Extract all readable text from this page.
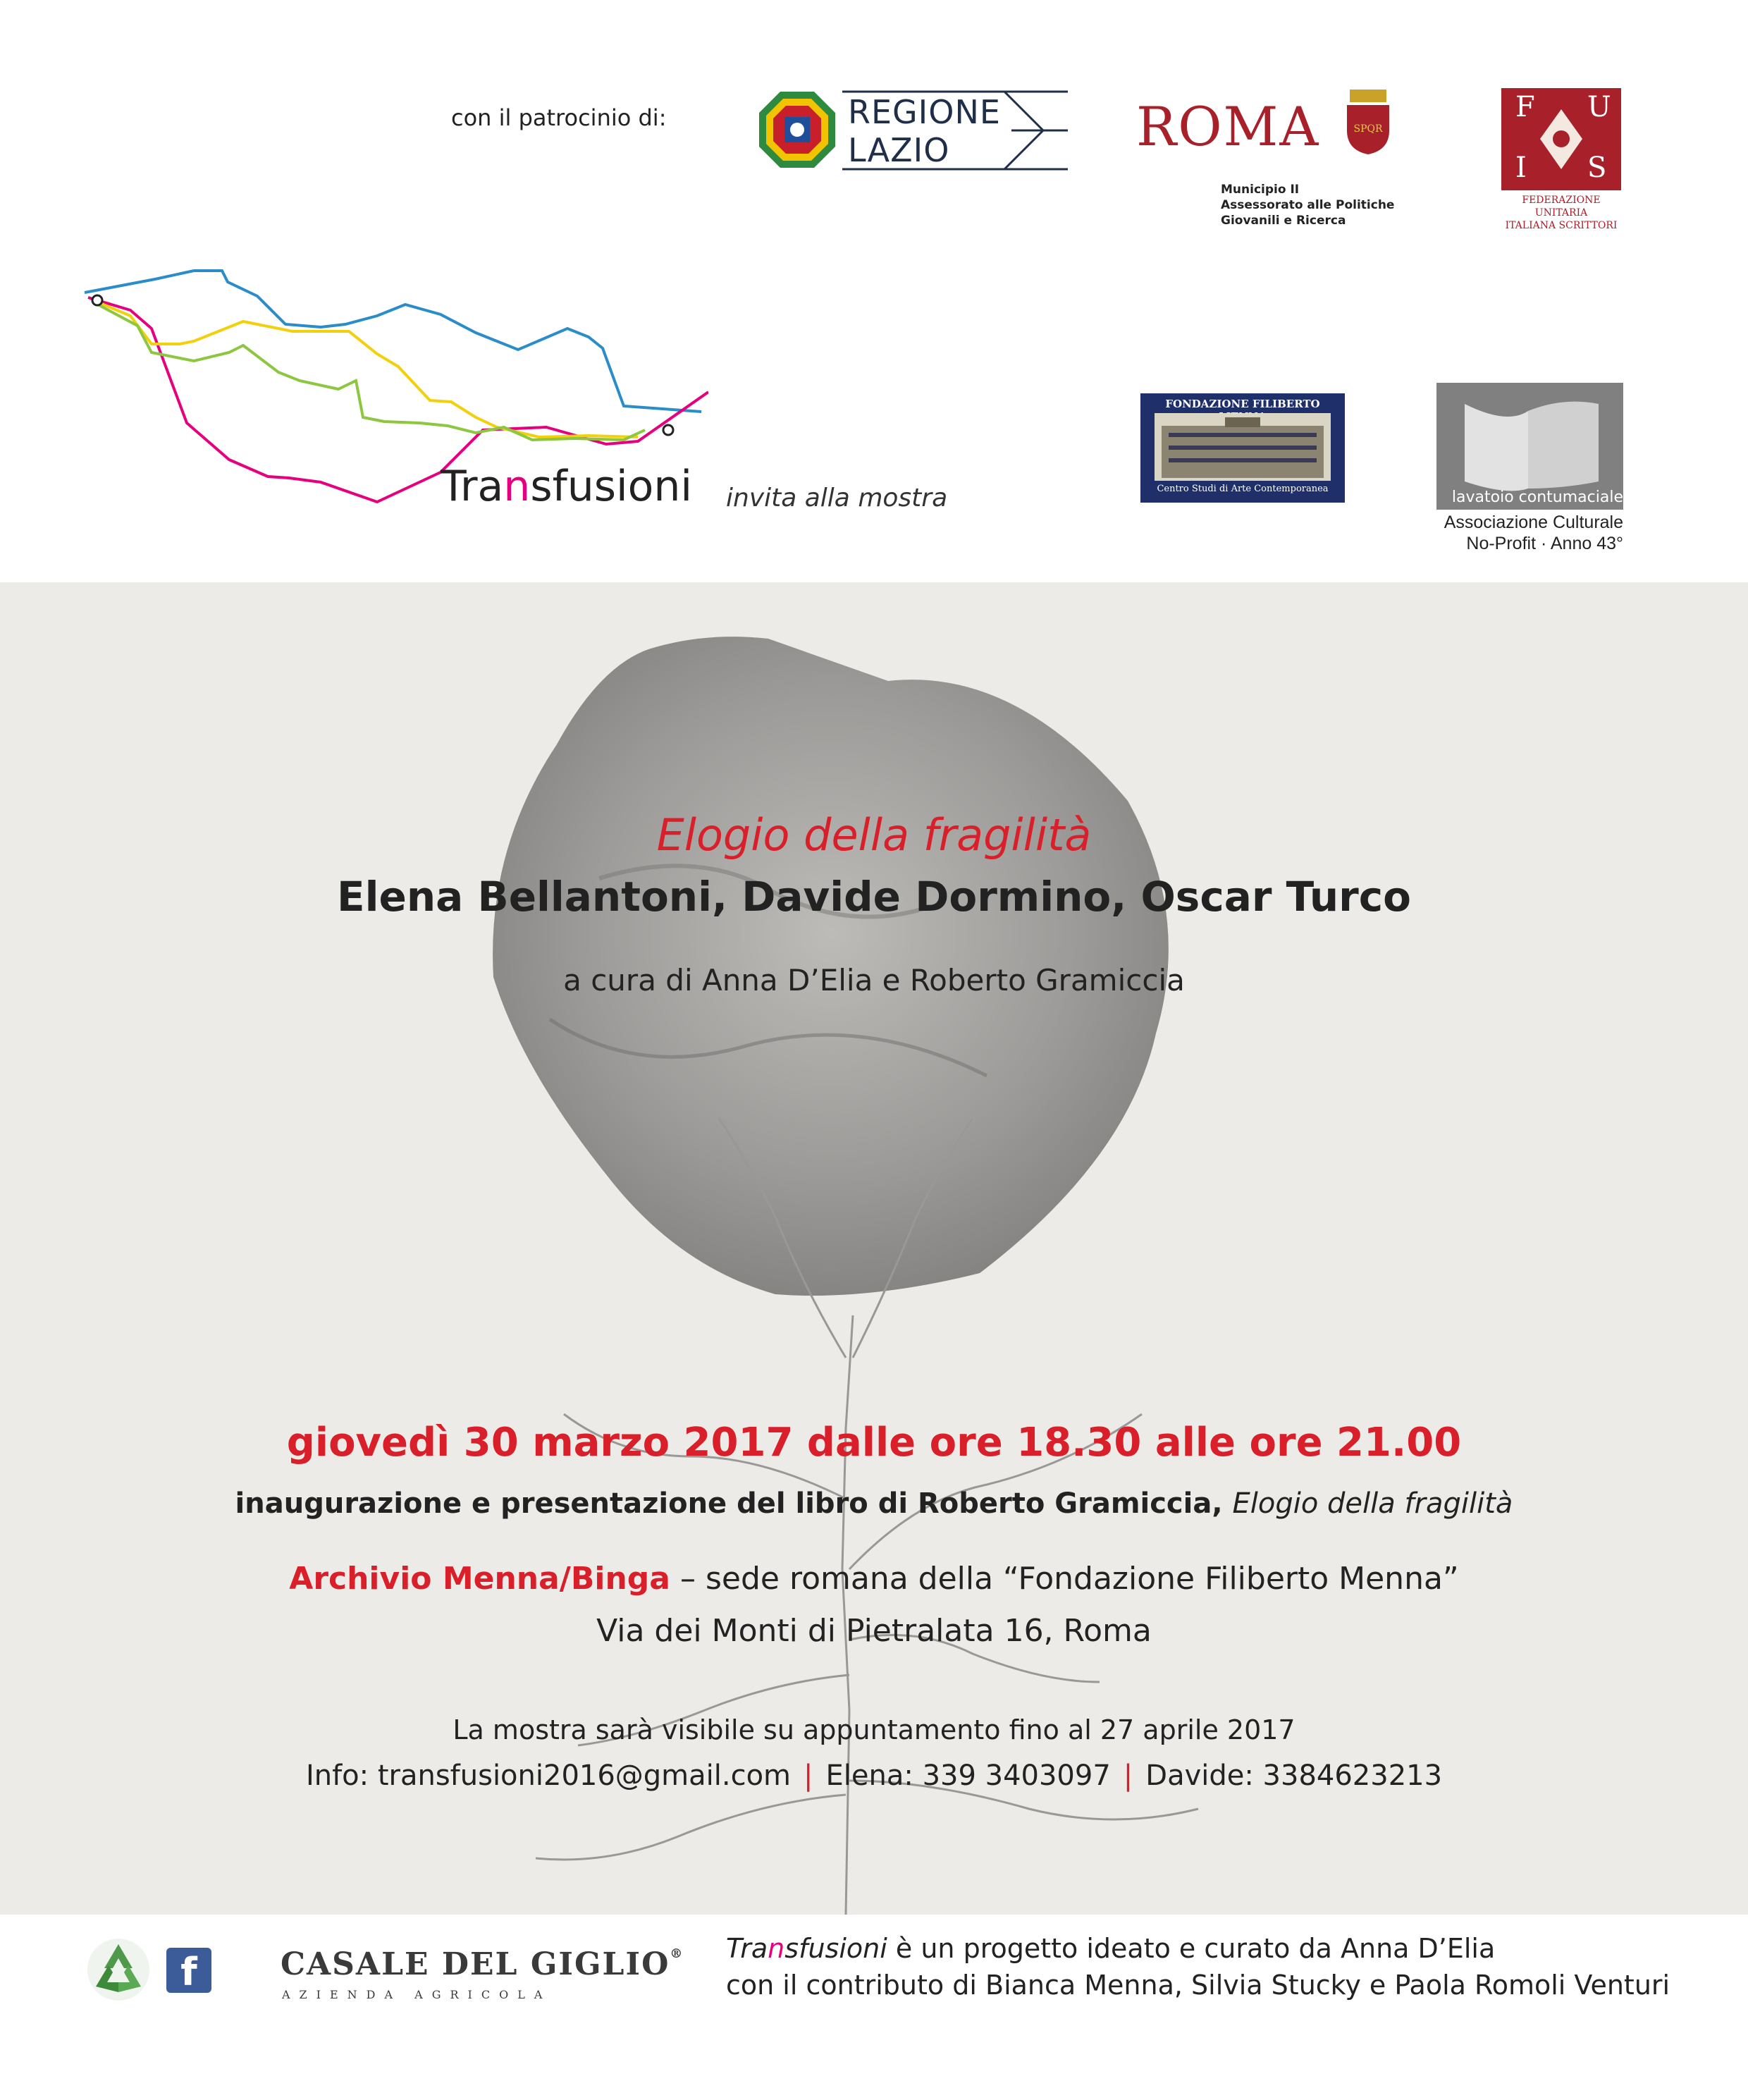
con il patrocinio di:	REGIONE
LAZIO	ROMA	SPQR
Municipio II
Assessorato alle Politiche
Giovanili e Ricerca
F U
I S
FEDERAZIONE UNITARIA
ITALIANA SCRITTORI
Transfusioni invita alla mostra
FONDAZIONE FILIBERTO
Centro Studi di Arte Contemporanea	lavatoio contumaciale
Associazione Culturale
No-Profit · Anno 43°
Elogio della fragilità
Elena Bellantoni, Davide Dormino, Oscar Turco
a cura di Anna D’Elia e Roberto Gramiccia
giovedì 30 marzo 2017 dalle ore 18.30 alle ore 21.00
inaugurazione e presentazione del libro di Roberto Gramiccia, Elogio della fragilità
Archivio Menna/Binga – sede romana della “Fondazione Filiberto Menna”
Via dei Monti di Pietralata 16, Roma
La mostra sarà visibile su appuntamento fino al 27 aprile 2017
Info: transfusioni2016@gmail.com | Elena: 339 3403097 | Davide: 3384623213
f	CASALE DEL GIGLIO®
AZIENDA AGRICOLA
Transfusioni è un progetto ideato e curato da Anna D’Elia
con il contributo di Bianca Menna, Silvia Stucky e Paola Romoli Venturi
